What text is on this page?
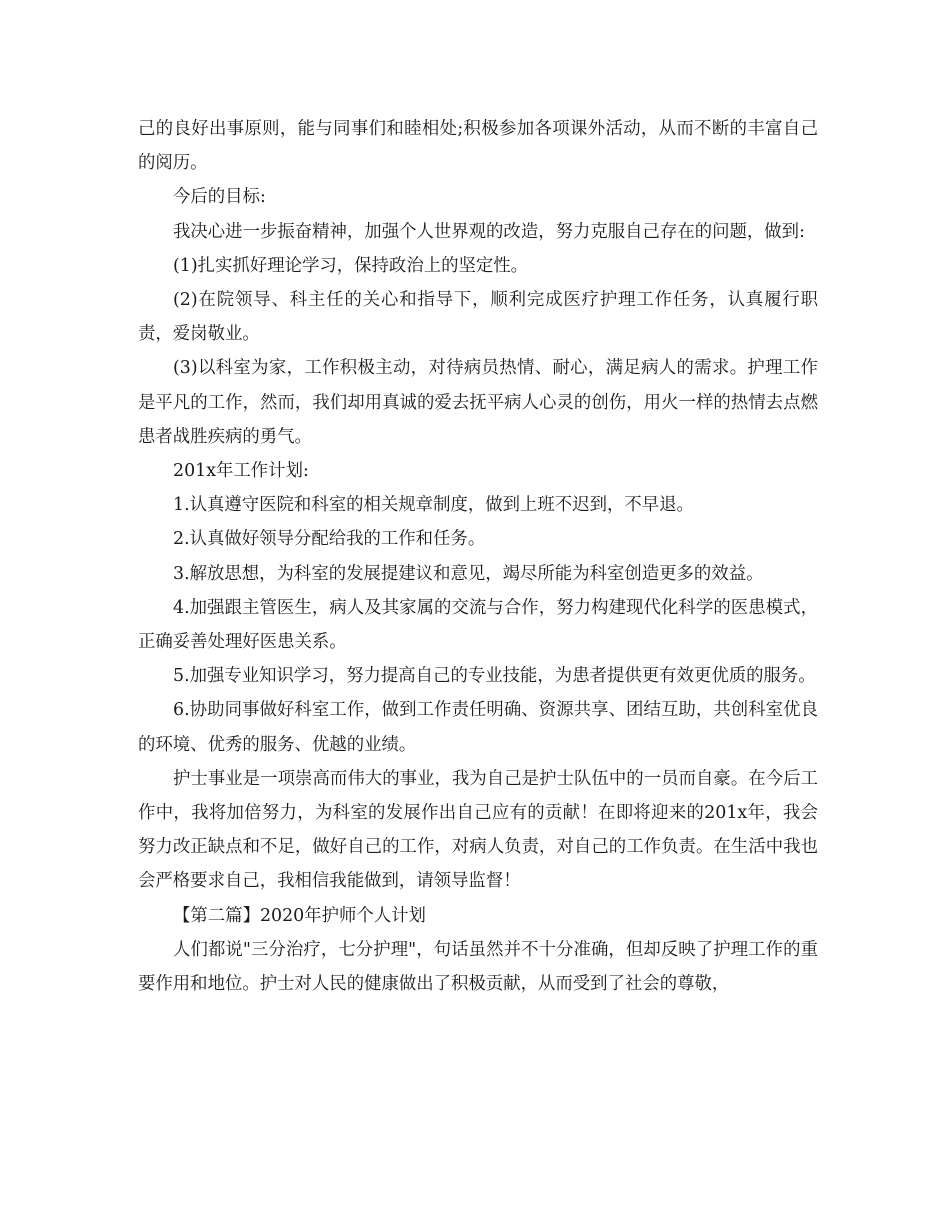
己的良好出事原则，能与同事们和睦相处;积极参加各项课外活动，从而不断的丰富自己的阅历。

今后的目标:

我决心进一步振奋精神，加强个人世界观的改造，努力克服自己存在的问题，做到:

(1)扎实抓好理论学习，保持政治上的坚定性。

(2)在院领导、科主任的关心和指导下，顺利完成医疗护理工作任务，认真履行职责，爱岗敬业。

(3)以科室为家，工作积极主动，对待病员热情、耐心，满足病人的需求。护理工作是平凡的工作，然而，我们却用真诚的爱去抚平病人心灵的创伤，用火一样的热情去点燃患者战胜疾病的勇气。

201x年工作计划:

1.认真遵守医院和科室的相关规章制度，做到上班不迟到，不早退。

2.认真做好领导分配给我的工作和任务。

3.解放思想，为科室的发展提建议和意见，竭尽所能为科室创造更多的效益。

4.加强跟主管医生，病人及其家属的交流与合作，努力构建现代化科学的医患模式，正确妥善处理好医患关系。

5.加强专业知识学习，努力提高自己的专业技能，为患者提供更有效更优质的服务。

6.协助同事做好科室工作，做到工作责任明确、资源共享、团结互助，共创科室优良的环境、优秀的服务、优越的业绩。

护士事业是一项崇高而伟大的事业，我为自己是护士队伍中的一员而自豪。在今后工作中，我将加倍努力，为科室的发展作出自己应有的贡献！在即将迎来的201x年，我会努力改正缺点和不足，做好自己的工作，对病人负责，对自己的工作负责。在生活中我也会严格要求自己，我相信我能做到，请领导监督！

【第二篇】2020年护师个人计划

人们都说"三分治疗，七分护理"，句话虽然并不十分准确，但却反映了护理工作的重要作用和地位。护士对人民的健康做出了积极贡献，从而受到了社会的尊敬，
